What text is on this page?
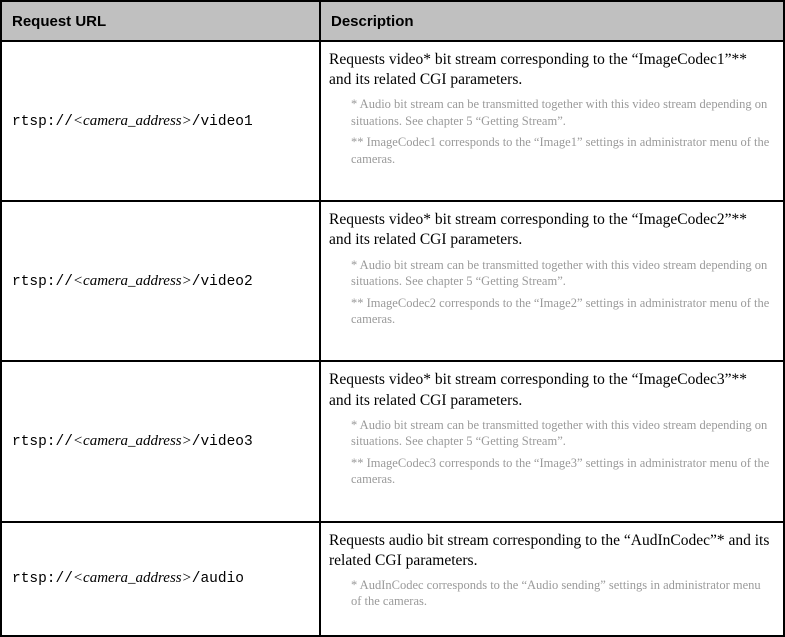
Request URL	Description
rtsp://<camera_address>/video1	Requests video* bit stream corresponding to the “ImageCodec1”** and its related CGI parameters.

* Audio bit stream can be transmitted together with this video stream depending on situations. See chapter 5 “Getting Stream”.

** ImageCodec1 corresponds to the “Image1” settings in administrator menu of the cameras.

rtsp://<camera_address>/video2	Requests video* bit stream corresponding to the “ImageCodec2”** and its related CGI parameters.

* Audio bit stream can be transmitted together with this video stream depending on situations. See chapter 5 “Getting Stream”.

** ImageCodec2 corresponds to the “Image2” settings in administrator menu of the cameras.

rtsp://<camera_address>/video3	Requests video* bit stream corresponding to the “ImageCodec3”** and its related CGI parameters.

* Audio bit stream can be transmitted together with this video stream depending on situations. See chapter 5 “Getting Stream”.

** ImageCodec3 corresponds to the “Image3” settings in administrator menu of the cameras.

rtsp://<camera_address>/audio	Requests audio bit stream corresponding to the “AudInCodec”* and its related CGI parameters.

* AudInCodec corresponds to the “Audio sending” settings in administrator menu of the cameras.
